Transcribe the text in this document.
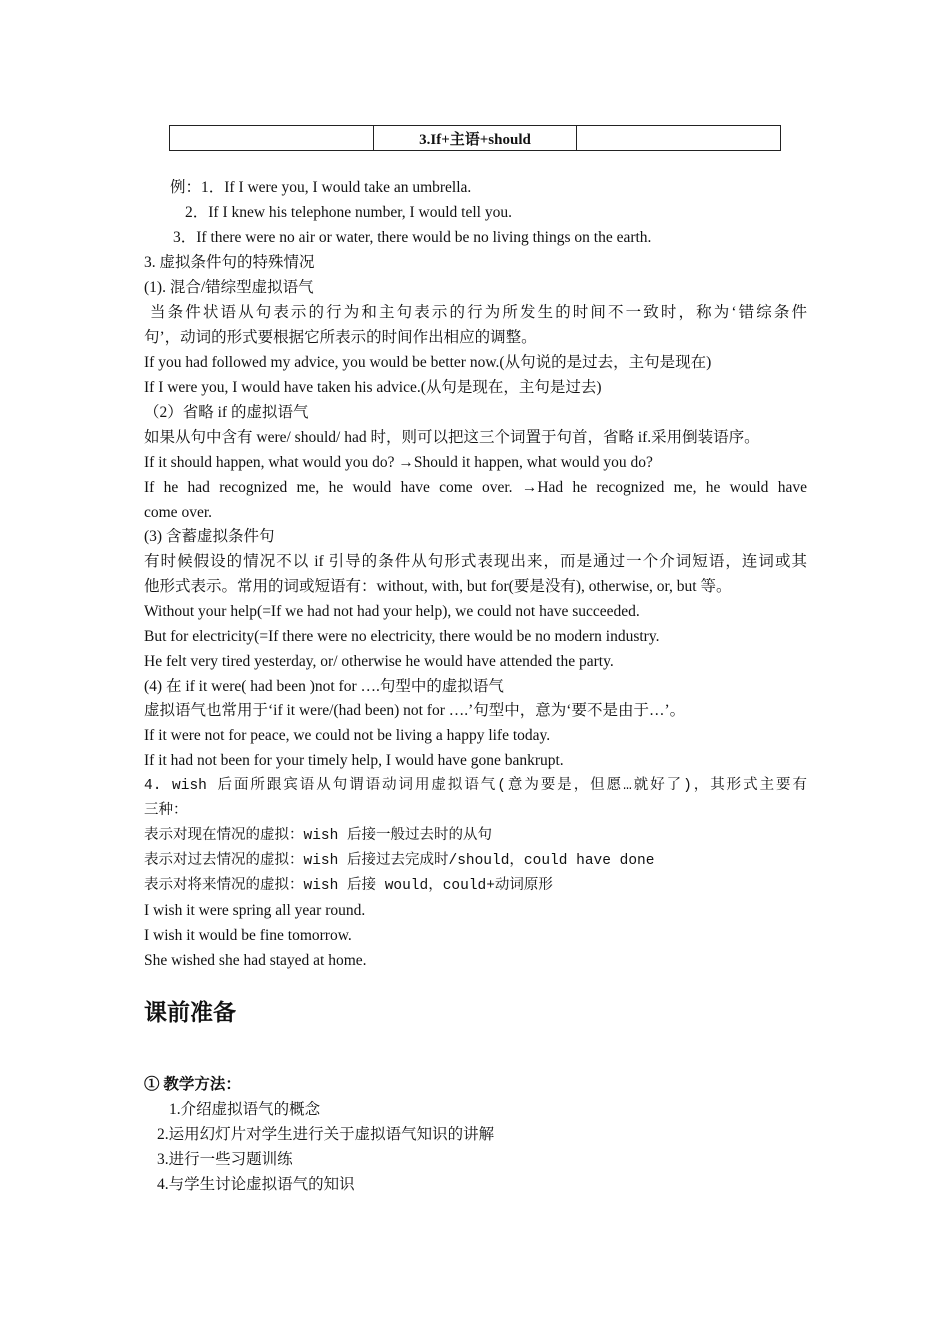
	3.If+主语+should	
例：1．If I were you, I would take an umbrella.
2．If I knew his telephone number, I would tell you.
3．If there were no air or water, there would be no living things on the earth.
3. 虚拟条件句的特殊情况
(1). 混合/错综型虚拟语气
当条件状语从句表示的行为和主句表示的行为所发生的时间不一致时，称为‘错综条件
句’，动词的形式要根据它所表示的时间作出相应的调整。
If you had followed my advice, you would be better now.(从句说的是过去，主句是现在)
If I were you, I would have taken his advice.(从句是现在，主句是过去)
（2）省略 if 的虚拟语气
如果从句中含有 were/ should/ had 时，则可以把这三个词置于句首，省略 if.采用倒装语序。
If it should happen, what would you do? →Should it happen, what would you do?
If he had recognized me, he would have come over. →Had he recognized me, he would have
come over.
(3) 含蓄虚拟条件句
有时候假设的情况不以 if 引导的条件从句形式表现出来，而是通过一个介词短语，连词或其
他形式表示。常用的词或短语有：without, with, but for(要是没有), otherwise, or, but 等。
Without your help(=If we had not had your help), we could not have succeeded.
But for electricity(=If there were no electricity, there would be no modern industry.
He felt very tired yesterday, or/ otherwise he would have attended the party.
(4) 在 if it were( had been )not for ….句型中的虚拟语气
虚拟语气也常用于‘if it were/(had been) not for ….’句型中，意为‘要不是由于…’。
If it were not for peace, we could not be living a happy life today.
If it had not been for your timely help, I would have gone bankrupt.
4. wish 后面所跟宾语从句谓语动词用虚拟语气(意为要是，但愿…就好了)，其形式主要有
三种：
表示对现在情况的虚拟：wish 后接一般过去时的从句
表示对过去情况的虚拟：wish 后接过去完成时/should，could have done
表示对将来情况的虚拟：wish 后接 would，could+动词原形
I wish it were spring all year round.
I wish it would be fine tomorrow.
She wished she had stayed at home.
课前准备
① 教学方法：
1.介绍虚拟语气的概念
2.运用幻灯片对学生进行关于虚拟语气知识的讲解
3.进行一些习题训练
4.与学生讨论虚拟语气的知识
